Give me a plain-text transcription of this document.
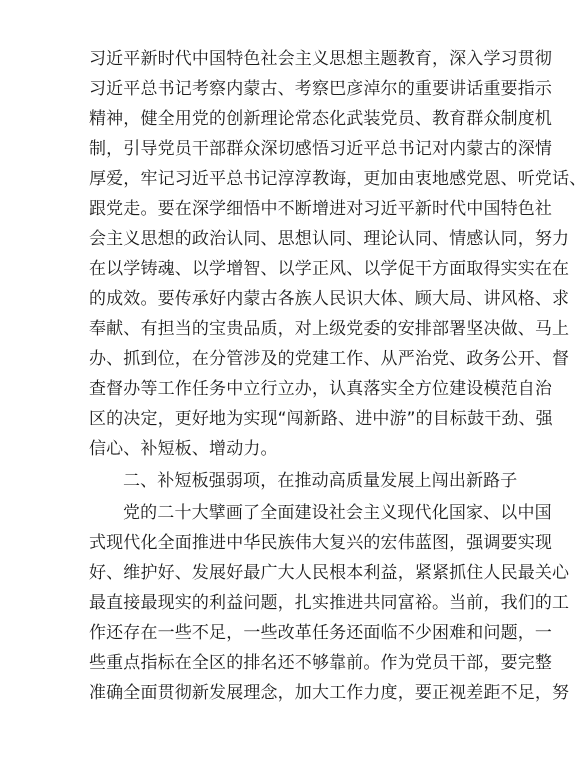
习近平新时代中国特色社会主义思想主题教育，深入学习贯彻
习近平总书记考察内蒙古、考察巴彦淖尔的重要讲话重要指示
精神，健全用党的创新理论常态化武装党员、教育群众制度机
制，引导党员干部群众深切感悟习近平总书记对内蒙古的深情
厚爱，牢记习近平总书记淳淳教诲，更加由衷地感党恩、听党话、
跟党走。要在深学细悟中不断增进对习近平新时代中国特色社
会主义思想的政治认同、思想认同、理论认同、情感认同，努力
在以学铸魂、以学增智、以学正风、以学促干方面取得实实在在
的成效。要传承好内蒙古各族人民识大体、顾大局、讲风格、求
奉献、有担当的宝贵品质，对上级党委的安排部署坚决做、马上
办、抓到位，在分管涉及的党建工作、从严治党、政务公开、督
查督办等工作任务中立行立办，认真落实全方位建设模范自治
区的决定，更好地为实现“闯新路、进中游”的目标鼓干劲、强
信心、补短板、增动力。
二、补短板强弱项，在推动高质量发展上闯出新路子
党的二十大擘画了全面建设社会主义现代化国家、以中国
式现代化全面推进中华民族伟大复兴的宏伟蓝图，强调要实现
好、维护好、发展好最广大人民根本利益，紧紧抓住人民最关心
最直接最现实的利益问题，扎实推进共同富裕。当前，我们的工
作还存在一些不足，一些改革任务还面临不少困难和问题，一
些重点指标在全区的排名还不够靠前。作为党员干部，要完整
准确全面贯彻新发展理念，加大工作力度，要正视差距不足，努
